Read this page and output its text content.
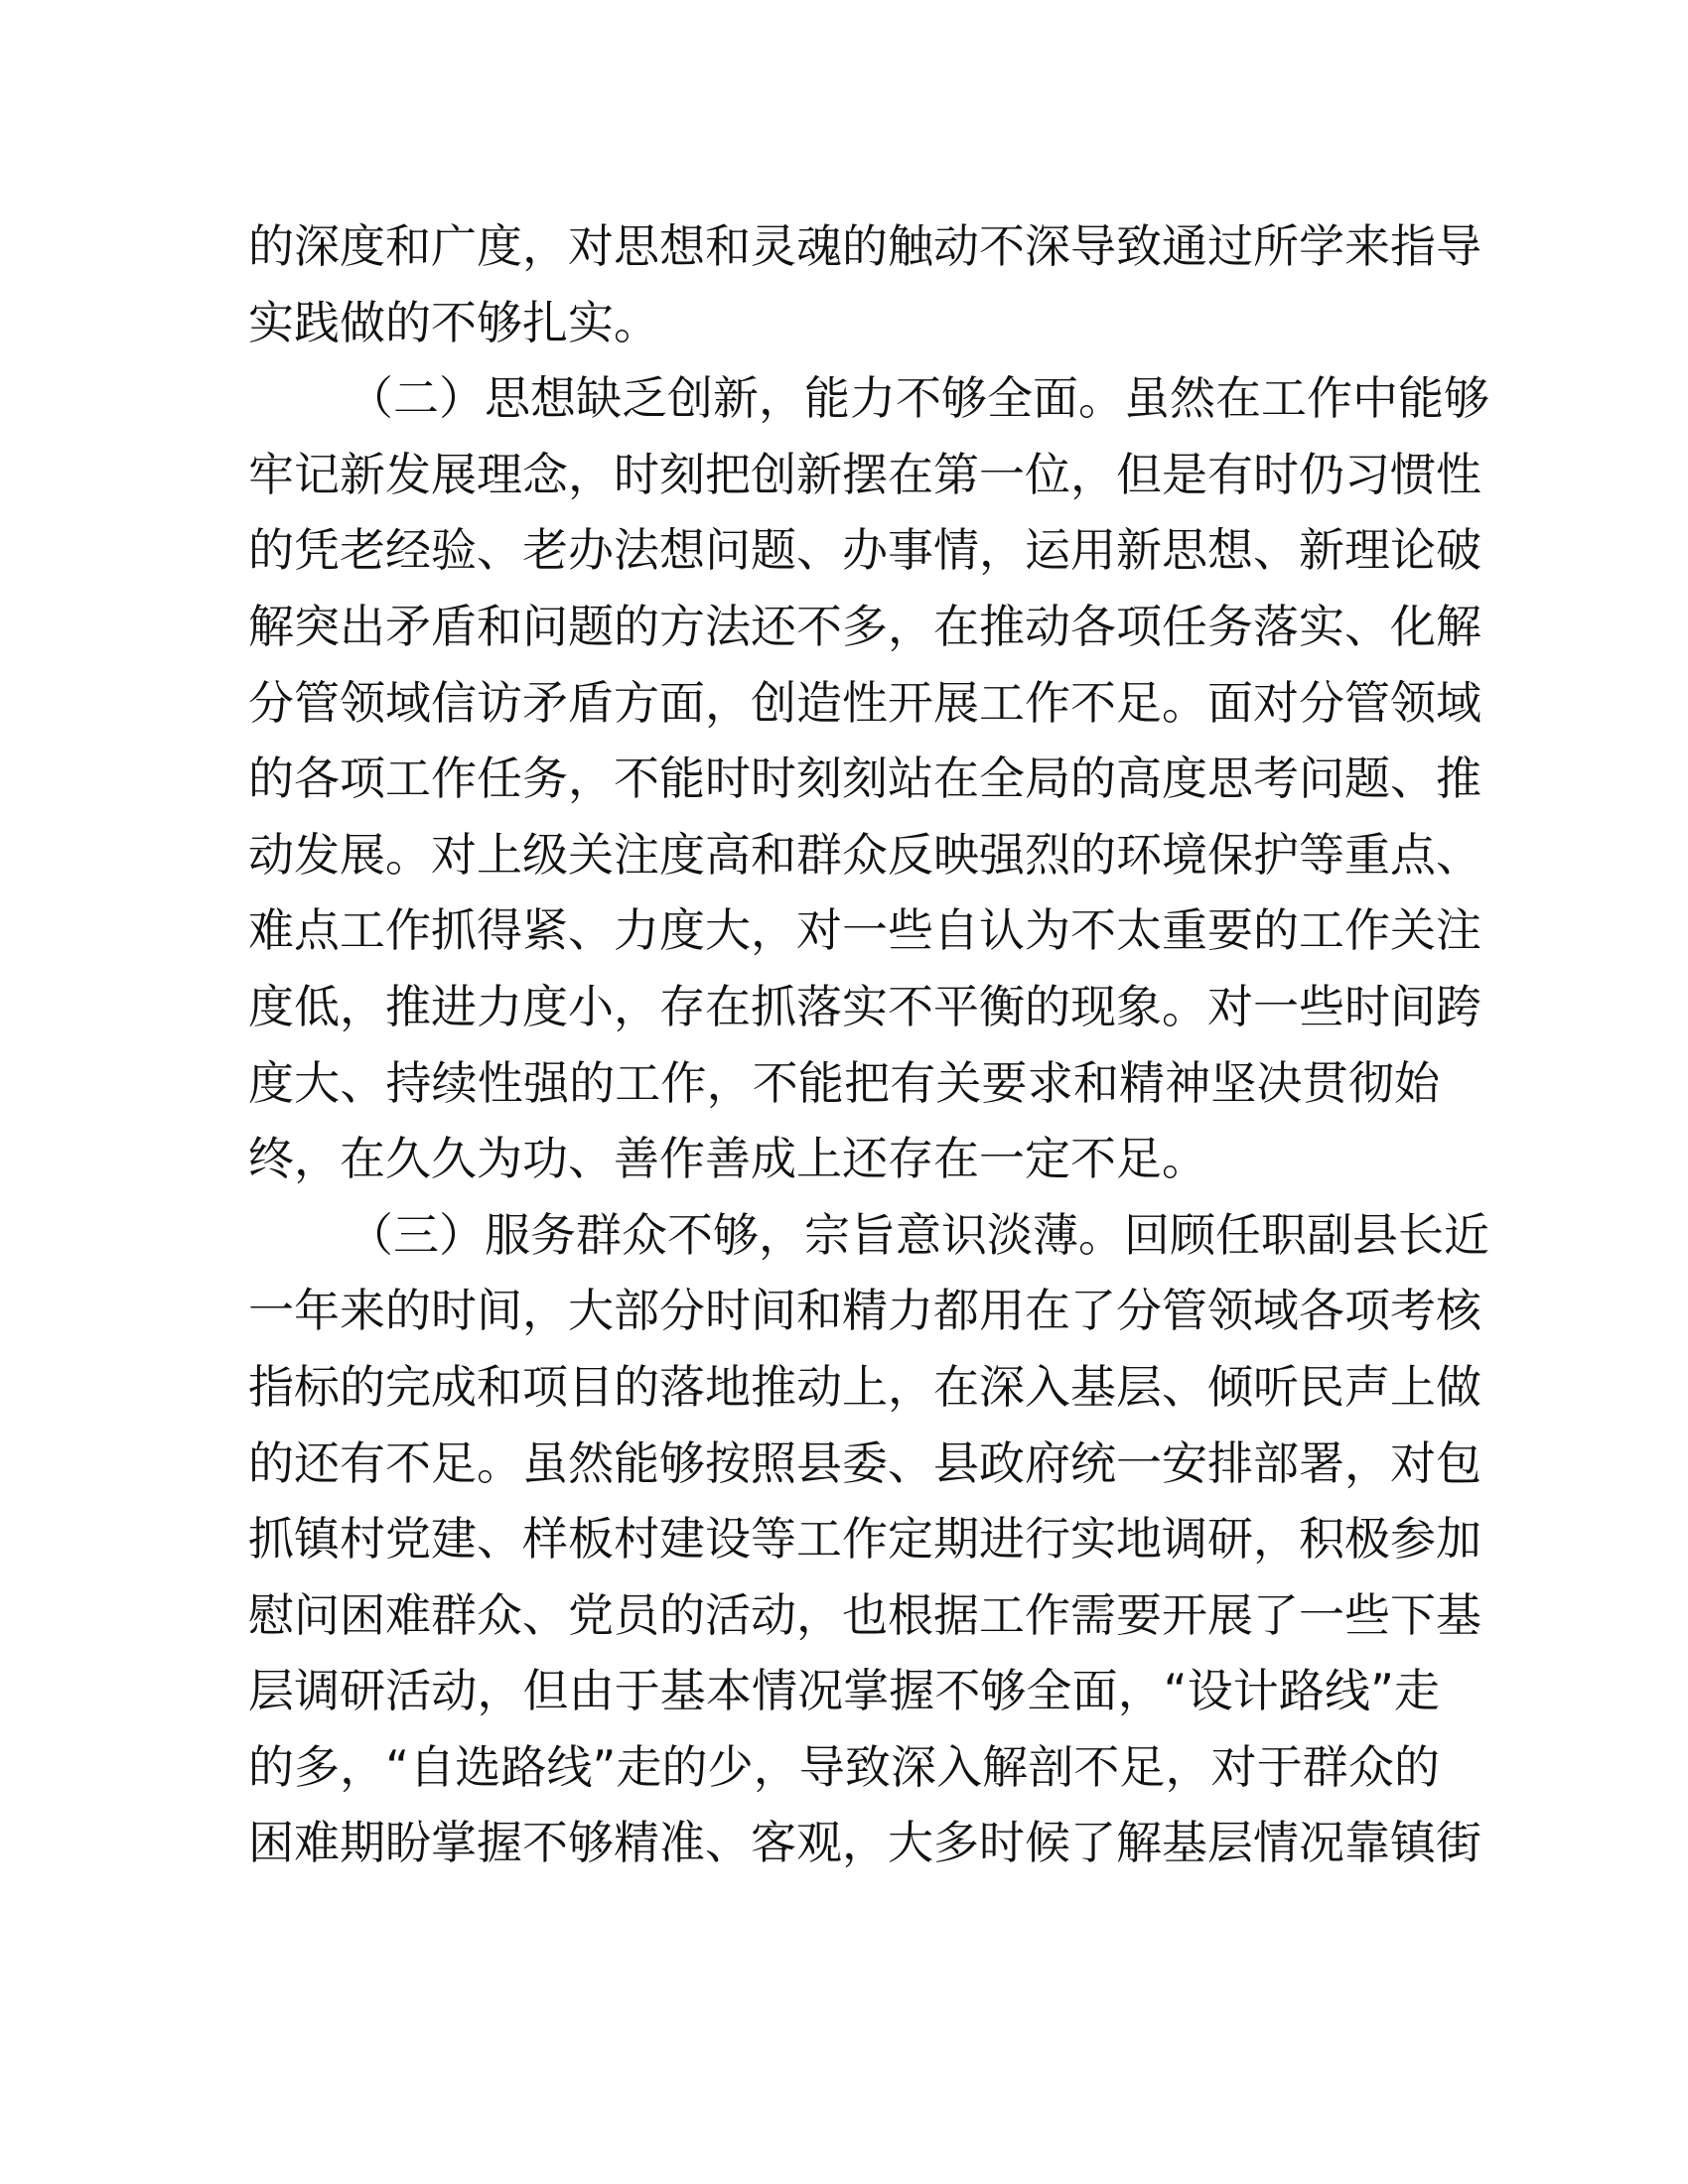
的深度和广度，对思想和灵魂的触动不深导致通过所学来指导
实践做的不够扎实。
（二）思想缺乏创新，能力不够全面。虽然在工作中能够
牢记新发展理念，时刻把创新摆在第一位，但是有时仍习惯性
的凭老经验、老办法想问题、办事情，运用新思想、新理论破
解突出矛盾和问题的方法还不多，在推动各项任务落实、化解
分管领域信访矛盾方面，创造性开展工作不足。面对分管领域
的各项工作任务，不能时时刻刻站在全局的高度思考问题、推
动发展。对上级关注度高和群众反映强烈的环境保护等重点、
难点工作抓得紧、力度大，对一些自认为不太重要的工作关注
度低，推进力度小，存在抓落实不平衡的现象。对一些时间跨
度大、持续性强的工作，不能把有关要求和精神坚决贯彻始
终，在久久为功、善作善成上还存在一定不足。
（三）服务群众不够，宗旨意识淡薄。回顾任职副县长近
一年来的时间，大部分时间和精力都用在了分管领域各项考核
指标的完成和项目的落地推动上，在深入基层、倾听民声上做
的还有不足。虽然能够按照县委、县政府统一安排部署，对包
抓镇村党建、样板村建设等工作定期进行实地调研，积极参加
慰问困难群众、党员的活动，也根据工作需要开展了一些下基
层调研活动，但由于基本情况掌握不够全面，“设计路线”走
的多，“自选路线”走的少，导致深入解剖不足，对于群众的
困难期盼掌握不够精准、客观，大多时候了解基层情况靠镇街
